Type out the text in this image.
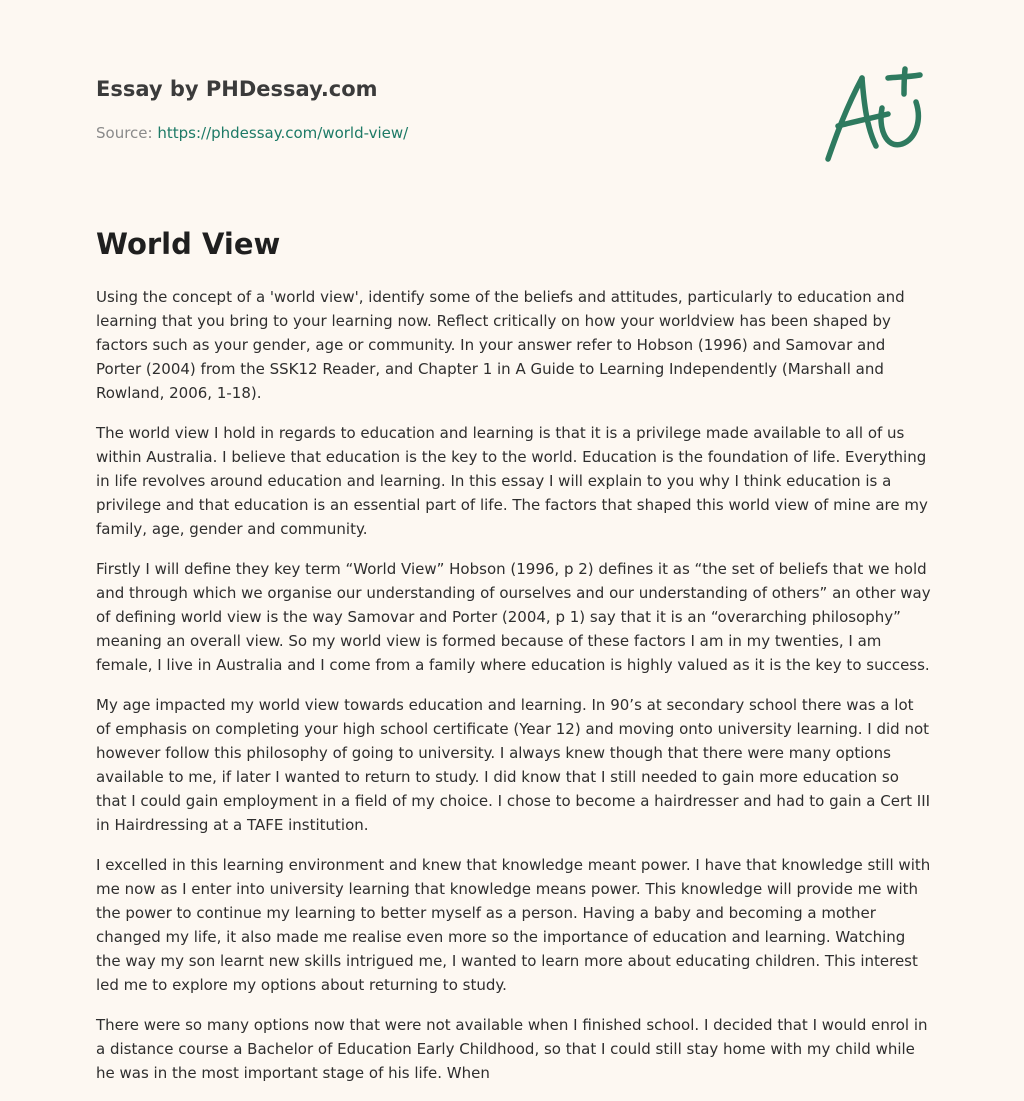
Essay by PHDessay.com
Source: https://phdessay.com/world-view/
World View

Using the concept of a 'world view', identify some of the beliefs and attitudes, particularly to education and learning that you bring to your learning now. Reflect critically on how your worldview has been shaped by factors such as your gender, age or community. In your answer refer to Hobson (1996) and Samovar and Porter (2004) from the SSK12 Reader, and Chapter 1 in A Guide to Learning Independently (Marshall and Rowland, 2006, 1-18).

The world view I hold in regards to education and learning is that it is a privilege made available to all of us within Australia. I believe that education is the key to the world. Education is the foundation of life. Everything in life revolves around education and learning. In this essay I will explain to you why I think education is a privilege and that education is an essential part of life. The factors that shaped this world view of mine are my family, age, gender and community.

Firstly I will define they key term “World View” Hobson (1996, p 2) defines it as “the set of beliefs that we hold and through which we organise our understanding of ourselves and our understanding of others” an other way of defining world view is the way Samovar and Porter (2004, p 1) say that it is an “overarching philosophy” meaning an overall view. So my world view is formed because of these factors I am in my twenties, I am female, I live in Australia and I come from a family where education is highly valued as it is the key to success.

My age impacted my world view towards education and learning. In 90’s at secondary school there was a lot of emphasis on completing your high school certificate (Year 12) and moving onto university learning. I did not however follow this philosophy of going to university. I always knew though that there were many options available to me, if later I wanted to return to study. I did know that I still needed to gain more education so that I could gain employment in a field of my choice. I chose to become a hairdresser and had to gain a Cert III in Hairdressing at a TAFE institution.

I excelled in this learning environment and knew that knowledge meant power. I have that knowledge still with me now as I enter into university learning that knowledge means power. This knowledge will provide me with the power to continue my learning to better myself as a person. Having a baby and becoming a mother changed my life, it also made me realise even more so the importance of education and learning. Watching the way my son learnt new skills intrigued me, I wanted to learn more about educating children. This interest led me to explore my options about returning to study.

There were so many options now that were not available when I finished school. I decided that I would enrol in a distance course a Bachelor of Education Early Childhood, so that I could still stay home with my child while he was in the most important stage of his life. When
